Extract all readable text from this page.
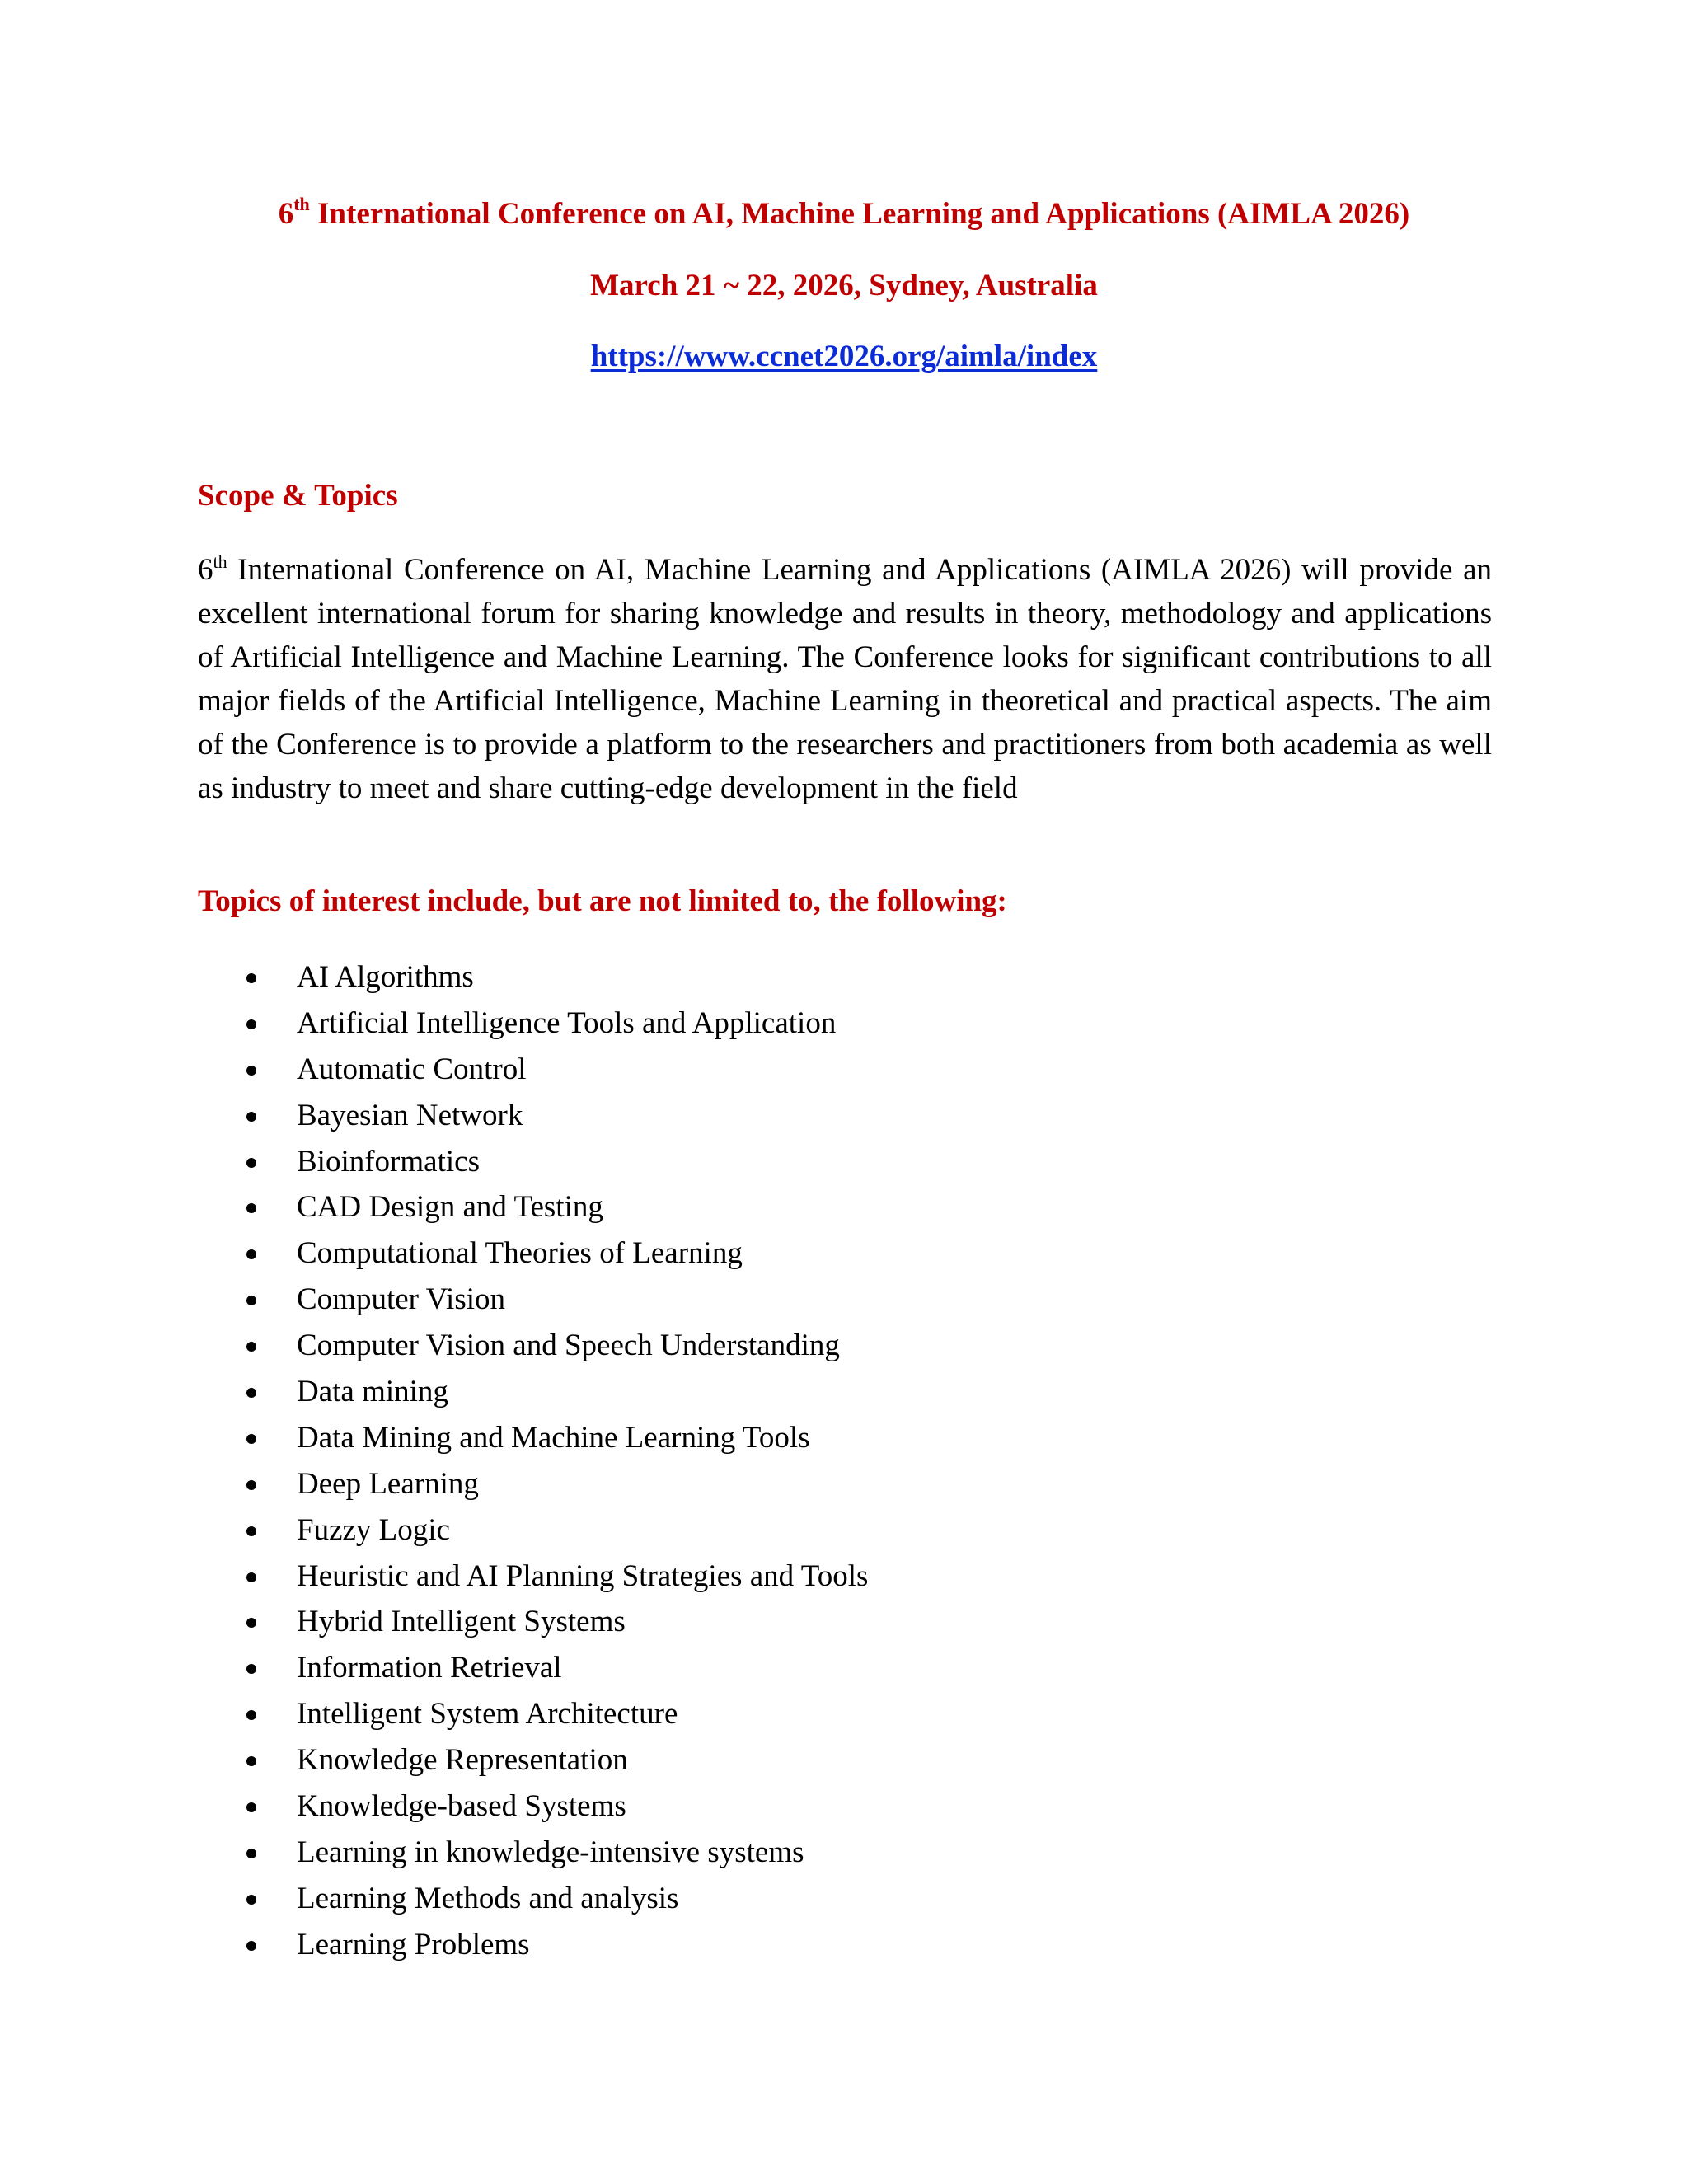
6th International Conference on AI, Machine Learning and Applications (AIMLA 2026)
March 21 ~ 22, 2026, Sydney, Australia
https://www.ccnet2026.org/aimla/index
Scope & Topics
6th International Conference on AI, Machine Learning and Applications (AIMLA 2026) will provide an excellent international forum for sharing knowledge and results in theory, methodology and applications of Artificial Intelligence and Machine Learning. The Conference looks for significant contributions to all major fields of the Artificial Intelligence, Machine Learning in theoretical and practical aspects. The aim of the Conference is to provide a platform to the researchers and practitioners from both academia as well as industry to meet and share cutting-edge development in the field
Topics of interest include, but are not limited to, the following:
AI Algorithms
Artificial Intelligence Tools and Application
Automatic Control
Bayesian Network
Bioinformatics
CAD Design and Testing
Computational Theories of Learning
Computer Vision
Computer Vision and Speech Understanding
Data mining
Data Mining and Machine Learning Tools
Deep Learning
Fuzzy Logic
Heuristic and AI Planning Strategies and Tools
Hybrid Intelligent Systems
Information Retrieval
Intelligent System Architecture
Knowledge Representation
Knowledge-based Systems
Learning in knowledge-intensive systems
Learning Methods and analysis
Learning Problems
